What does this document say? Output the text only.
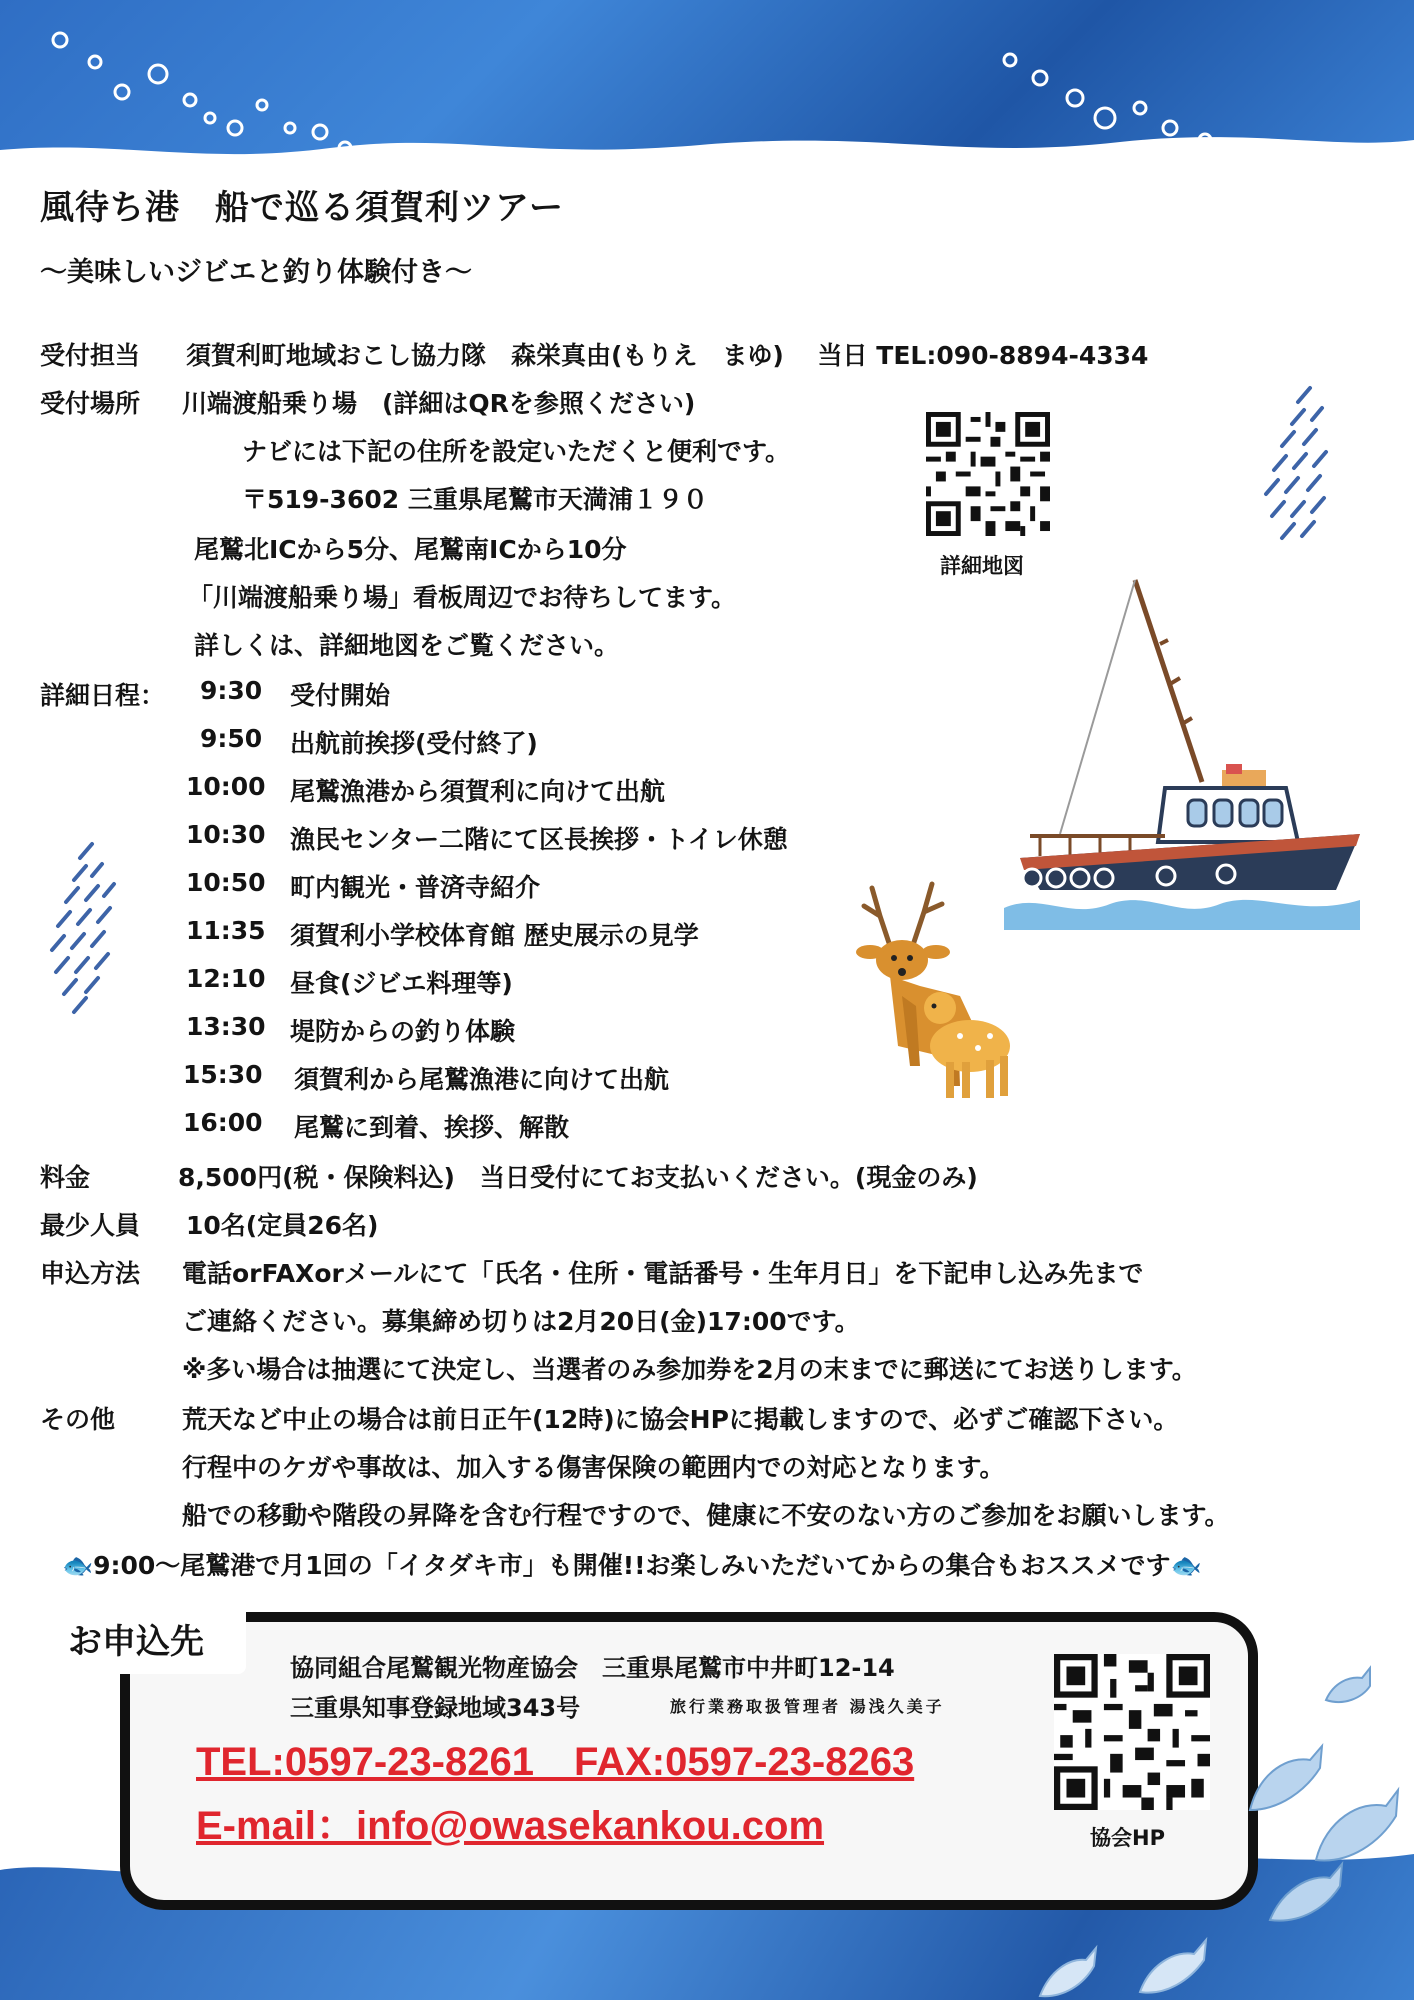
風待ち港　船で巡る須賀利ツアー
〜美味しいジビエと釣り体験付き〜
受付担当 須賀利町地域おこし協力隊　森栄真由(もりえ　まゆ)　 当日 TEL:090-8894-4334
受付場所 川端渡船乗り場　(詳細はQRを参照ください)
ナビには下記の住所を設定いただくと便利です。
〒519-3602 三重県尾鷲市天満浦１９０
尾鷲北ICから5分、尾鷲南ICから10分
「川端渡船乗り場」看板周辺でお待ちしてます。
詳しくは、詳細地図をご覧ください。
詳細地図
詳細日程： 9:30 受付開始
9:50 出航前挨拶(受付終了)
10:00 尾鷲漁港から須賀利に向けて出航
10:30 漁民センター二階にて区長挨拶・トイレ休憩
10:50 町内観光・普済寺紹介
11:35 須賀利小学校体育館 歴史展示の見学
12:10 昼食(ジビエ料理等)
13:30 堤防からの釣り体験
15:30 須賀利から尾鷲漁港に向けて出航
16:00 尾鷲に到着、挨拶、解散
料金	8,500円(税・保険料込)　当日受付にてお支払いください。(現金のみ)
最少人員 10名(定員26名)
申込方法 電話orFAXorメールにて「氏名・住所・電話番号・生年月日」を下記申し込み先まで
ご連絡ください。募集締め切りは2月20日(金)17:00です。
※多い場合は抽選にて決定し、当選者のみ参加券を2月の末までに郵送にてお送りします。
その他	荒天など中止の場合は前日正午(12時)に協会HPに掲載しますので、必ずご確認下さい。
行程中のケガや事故は、加入する傷害保険の範囲内での対応となります。
船での移動や階段の昇降を含む行程ですので、健康に不安のない方のご参加をお願いします。
🐟9:00〜尾鷲港で月1回の「イタダキ市」も開催!!お楽しみいただいてからの集合もおススメです🐟
お申込先
協同組合尾鷲観光物産協会　三重県尾鷲市中井町12-14
三重県知事登録地域343号	旅行業務取扱管理者 湯浅久美子
TEL:0597-23-8261　FAX:0597-23-8263
E-mail：info@owasekankou.com	協会HP
